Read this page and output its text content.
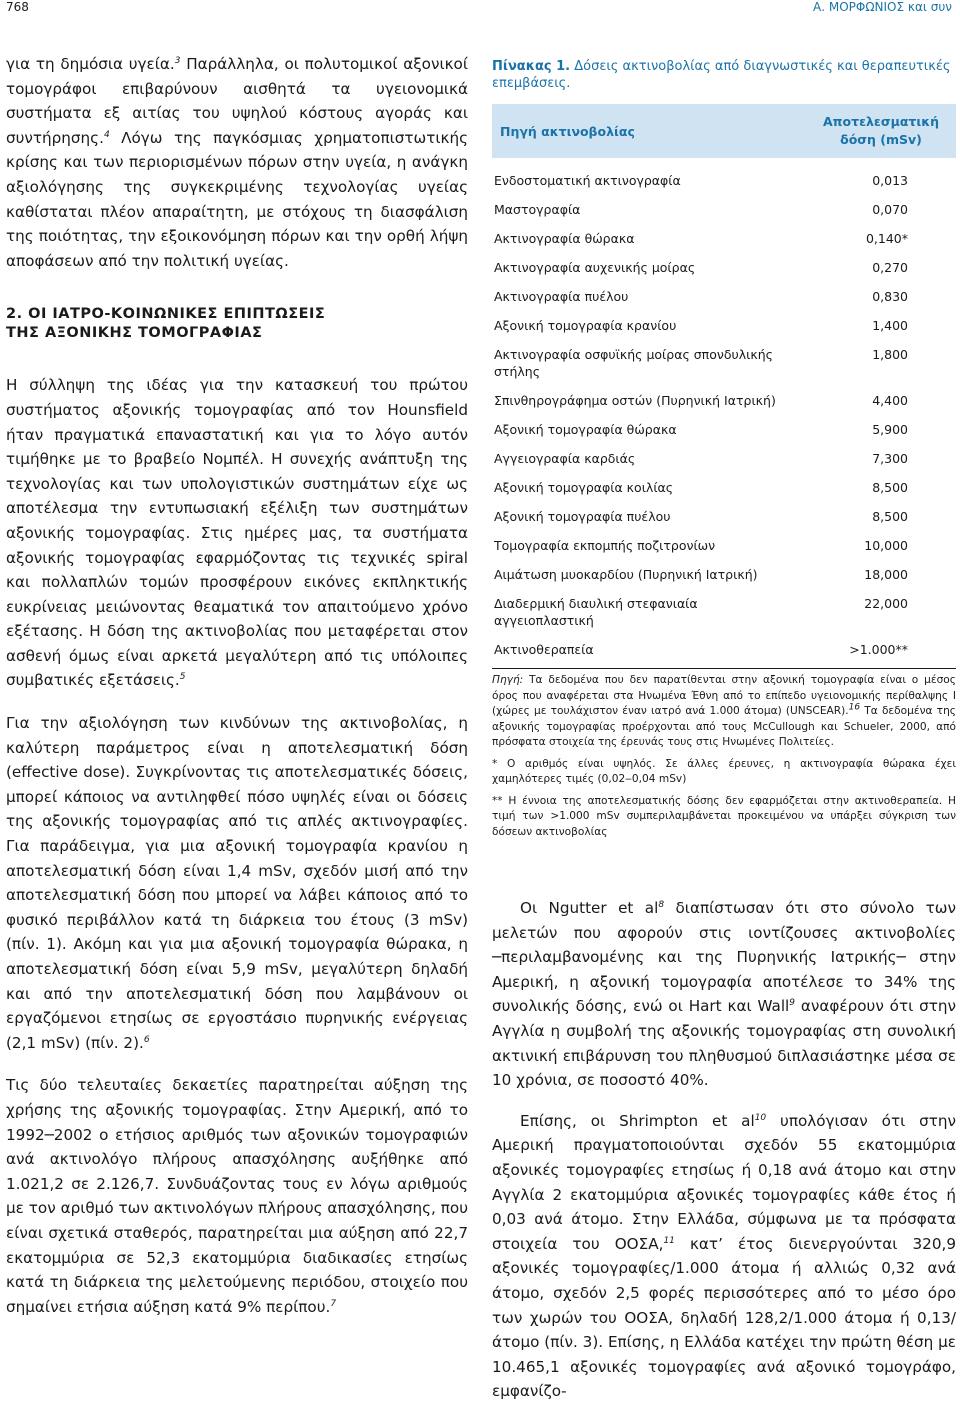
768	Α. ΜΟΡΦΩΝΙΟΣ και συν

για τη δημόσια υγεία.$^3$ Παράλληλα, οι πολυτομικοί αξονικοί τομογράφοι επιβαρύνουν αισθητά τα υγειονομικά συστήματα εξ αιτίας του υψηλού κόστους αγοράς και συντήρησης.$^4$ Λόγω της παγκόσμιας χρηματοπιστωτικής κρίσης και των περιορισμένων πόρων στην υγεία, η ανάγκη αξιολόγησης της συγκεκριμένης τεχνολογίας υγείας καθίσταται πλέον απαραίτητη, με στόχους τη διασφάλιση της ποιότητας, την εξοικονόμηση πόρων και την ορθή λήψη αποφάσεων από την πολιτική υγείας.

2. ΟΙ ΙΑΤΡΟ-ΚΟΙΝΩΝΙΚΕΣ ΕΠΙΠΤΩΣΕΙΣ
ΤΗΣ ΑΞΟΝΙΚΗΣ ΤΟΜΟΓΡΑΦΙΑΣ

Η σύλληψη της ιδέας για την κατασκευή του πρώτου συστήματος αξονικής τομογραφίας από τον Hounsfield ήταν πραγματικά επαναστατική και για το λόγο αυτόν τιμήθηκε με το βραβείο Νομπέλ. Η συνεχής ανάπτυξη της τεχνολογίας και των υπολογιστικών συστημάτων είχε ως αποτέλεσμα την εντυπωσιακή εξέλιξη των συστημάτων αξονικής τομογραφίας. Στις ημέρες μας, τα συστήματα αξονικής τομογραφίας εφαρμόζοντας τις τεχνικές spiral και πολλαπλών τομών προσφέρουν εικόνες εκπληκτικής ευκρίνειας μειώνοντας θεαματικά τον απαιτούμενο χρόνο εξέτασης. Η δόση της ακτινοβολίας που μεταφέρεται στον ασθενή όμως είναι αρκετά μεγαλύτερη από τις υπόλοιπες συμβατικές εξετάσεις.$^5$

Για την αξιολόγηση των κινδύνων της ακτινοβολίας, η καλύτερη παράμετρος είναι η αποτελεσματική δόση (effective dose). Συγκρίνοντας τις αποτελεσματικές δόσεις, μπορεί κάποιος να αντιληφθεί πόσο υψηλές είναι οι δόσεις της αξονικής τομογραφίας από τις απλές ακτινογραφίες. Για παράδειγμα, για μια αξονική τομογραφία κρανίου η αποτελεσματική δόση είναι 1,4 mSv, σχεδόν μισή από την αποτελεσματική δόση που μπορεί να λάβει κάποιος από το φυσικό περιβάλλον κατά τη διάρκεια του έτους (3 mSv) (πίν. 1). Ακόμη και για μια αξονική τομογραφία θώρακα, η αποτελεσματική δόση είναι 5,9 mSv, μεγαλύτερη δηλαδή και από την αποτελεσματική δόση που λαμβάνουν οι εργαζόμενοι ετησίως σε εργοστάσιο πυρηνικής ενέργειας (2,1 mSv) (πίν. 2).$^6$

Τις δύο τελευταίες δεκαετίες παρατηρείται αύξηση της χρήσης της αξονικής τομογραφίας. Στην Αμερική, από το 1992─2002 ο ετήσιος αριθμός των αξονικών τομογραφιών ανά ακτινολόγο πλήρους απασχόλησης αυξήθηκε από 1.021,2 σε 2.126,7. Συνδυάζοντας τους εν λόγω αριθμούς με τον αριθμό των ακτινολόγων πλήρους απασχόλησης, που είναι σχετικά σταθερός, παρατηρείται μια αύξηση από 22,7 εκατομμύρια σε 52,3 εκατομμύρια διαδικασίες ετησίως κατά τη διάρκεια της μελετούμενης περιόδου, στοιχείο που σημαίνει ετήσια αύξηση κατά 9% περίπου.$^7$

Πίνακας 1. Δόσεις ακτινοβολίας από διαγνωστικές και θεραπευτικές επεμβάσεις.

Πηγή ακτινοβολίας	Αποτελεσματική
δόση (mSv)
Ενδοστοματική ακτινογραφία	0,013
Μαστογραφία	0,070
Ακτινογραφία θώρακα	0,140*
Ακτινογραφία αυχενικής μοίρας	0,270
Ακτινογραφία πυέλου	0,830
Αξονική τομογραφία κρανίου	1,400
Ακτινογραφία οσφυϊκής μοίρας σπονδυλικής στήλης	1,800
Σπινθηρογράφημα οστών (Πυρηνική Ιατρική)	4,400
Αξονική τομογραφία θώρακα	5,900
Αγγειογραφία καρδιάς	7,300
Αξονική τομογραφία κοιλίας	8,500
Αξονική τομογραφία πυέλου	8,500
Τομογραφία εκπομπής ποζιτρονίων	10,000
Αιμάτωση μυοκαρδίου (Πυρηνική Ιατρική)	18,000
Διαδερμική διαυλική στεφανιαία αγγειοπλαστική	22,000
Ακτινοθεραπεία	>1.000**

Πηγή: Τα δεδομένα που δεν παρατίθενται στην αξονική τομογραφία είναι ο μέσος όρος που αναφέρεται στα Ηνωμένα Έθνη από το επίπεδο υγειονομικής περίθαλψης Ι (χώρες με τουλάχιστον έναν ιατρό ανά 1.000 άτομα) (UNSCEAR).$^{16}$ Τα δεδομένα της αξονικής τομογραφίας προέρχονται από τους McCullough και Schueler, 2000, από πρόσφατα στοιχεία της έρευνάς τους στις Ηνωμένες Πολιτείες.

* Ο αριθμός είναι υψηλός. Σε άλλες έρευνες, η ακτινογραφία θώρακα έχει χαμηλότερες τιμές (0,02‒0,04 mSv)

** Η έννοια της αποτελεσματικής δόσης δεν εφαρμόζεται στην ακτινοθεραπεία. Η τιμή των >1.000 mSv συμπεριλαμβάνεται προκειμένου να υπάρξει σύγκριση των δόσεων ακτινοβολίας

Οι Ngutter et $al^8$ διαπίστωσαν ότι στο σύνολο των μελετών που αφορούν στις ιοντίζουσες ακτινοβολίες ─περιλαμβανομένης και της Πυρηνικής Ιατρικής─ στην Αμερική, η αξονική τομογραφία αποτέλεσε το 34% της συνολικής δόσης, ενώ οι Hart και Wall$^9$ αναφέρουν ότι στην Αγγλία η συμβολή της αξονικής τομογραφίας στη συνολική ακτινική επιβάρυνση του πληθυσμού διπλασιάστηκε μέσα σε 10 χρόνια, σε ποσοστό 40%.

Επίσης, οι Shrimpton et $al^{10}$ υπολόγισαν ότι στην Αμερική πραγματοποιούνται σχεδόν 55 εκατομμύρια αξονικές τομογραφίες ετησίως ή 0,18 ανά άτομο και στην Αγγλία 2 εκατομμύρια αξονικές τομογραφίες κάθε έτος ή 0,03 ανά άτομο. Στην Ελλάδα, σύμφωνα με τα πρόσφατα στοιχεία του ΟΟΣΑ,$^{11}$ κατ’ έτος διενεργούνται 320,9 αξονικές τομογραφίες/1.000 άτομα ή αλλιώς 0,32 ανά άτομο, σχεδόν 2,5 φορές περισσότερες από το μέσο όρο των χωρών του ΟΟΣΑ, δηλαδή 128,2/1.000 άτομα ή 0,13/άτομο (πίν. 3). Επίσης, η Ελλάδα κατέχει την πρώτη θέση με 10.465,1 αξονικές τομογραφίες ανά αξονικό τομογράφο, εμφανίζο-
